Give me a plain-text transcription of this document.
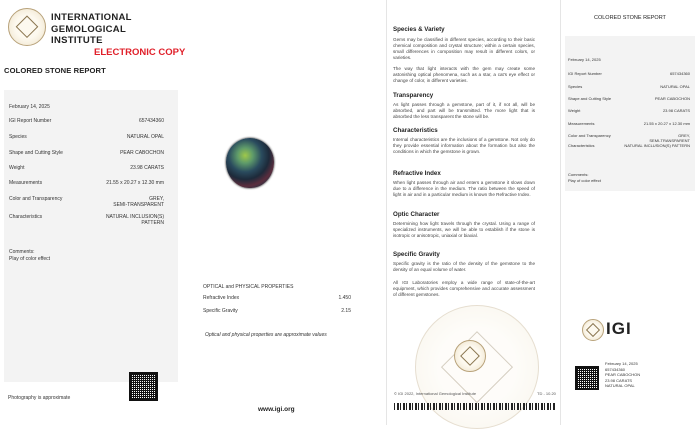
INTERNATIONAL
GEMOLOGICAL
INSTITUTE
ELECTRONIC COPY
COLORED STONE REPORT
February 14, 2025
IGI Report Number	657434360
Species	NATURAL OPAL
Shape and Cutting Style	PEAR CABOCHON
Weight	23.98 CARATS
Measurements	21.55 x 20.27 x 12.30 mm
Color and Transparency	GREY,
SEMI-TRANSPARENT
Characteristics	NATURAL INCLUSION(S)
PATTERN
Comments:
Play of color effect
Photography is approximate
OPTICAL and PHYSICAL PROPERTIES
Refractive Index	1.450
Specific Gravity	2.15
Optical and physical properties are approximate values
www.igi.org
Species & Variety
Gems may be classified in different species, according to their basic chemical composition and crystal structure; within a certain species, small differences in composition may result in different colors, or varieties.
The way that light interacts with the gem may create some astonishing optical phenomena, such as a star, a cat's eye effect or change of color, in different varieties.
Transparency
As light passes through a gemstone, part of it, if not all, will be absorbed, and part will be transmitted. The more light that is absorbed the less transparent the stone will be.
Characteristics
Internal characteristics are the inclusions of a gemstone. Not only do they provide essential information about the formation but also the conditions in which the gemstone is grown.
Refractive Index
When light passes through air and enters a gemstone it slows down due to a difference in the medium. The ratio between the speed of light in air and in a particular medium is known the Refractive Index.
Optic Character
Determining how light travels through the crystal. Using a range of specialized instruments, we will be able to establish if the stone is isotropic or anisotropic, uniaxial or biaxial.
Specific Gravity
Specific gravity is the ratio of the density of the gemstone to the density of an equal volume of water.
All IGI Laboratories employ a wide range of state-of-the-art equipment, which provides comprehensive and accurate assessment of different gemstones.
© IGI 2022, International Gemological Institute	TD - 10.20
COLORED STONE REPORT
February 14, 2025
IGI Report Number	657434360
Species	NATURAL OPAL
Shape and Cutting Style	PEAR CABOCHON
Weight	23.98 CARATS
Measurements	21.55 x 20.27 x 12.30 mm
Color and Transparency	GREY,
SEMI-TRANSPARENT
Characteristics	NATURAL INCLUSION(S) PATTERN
Comments:
Play of color effect
IGI
February 14, 2025
657434360
PEAR CABOCHON
23.98 CARATS
NATURAL OPAL
